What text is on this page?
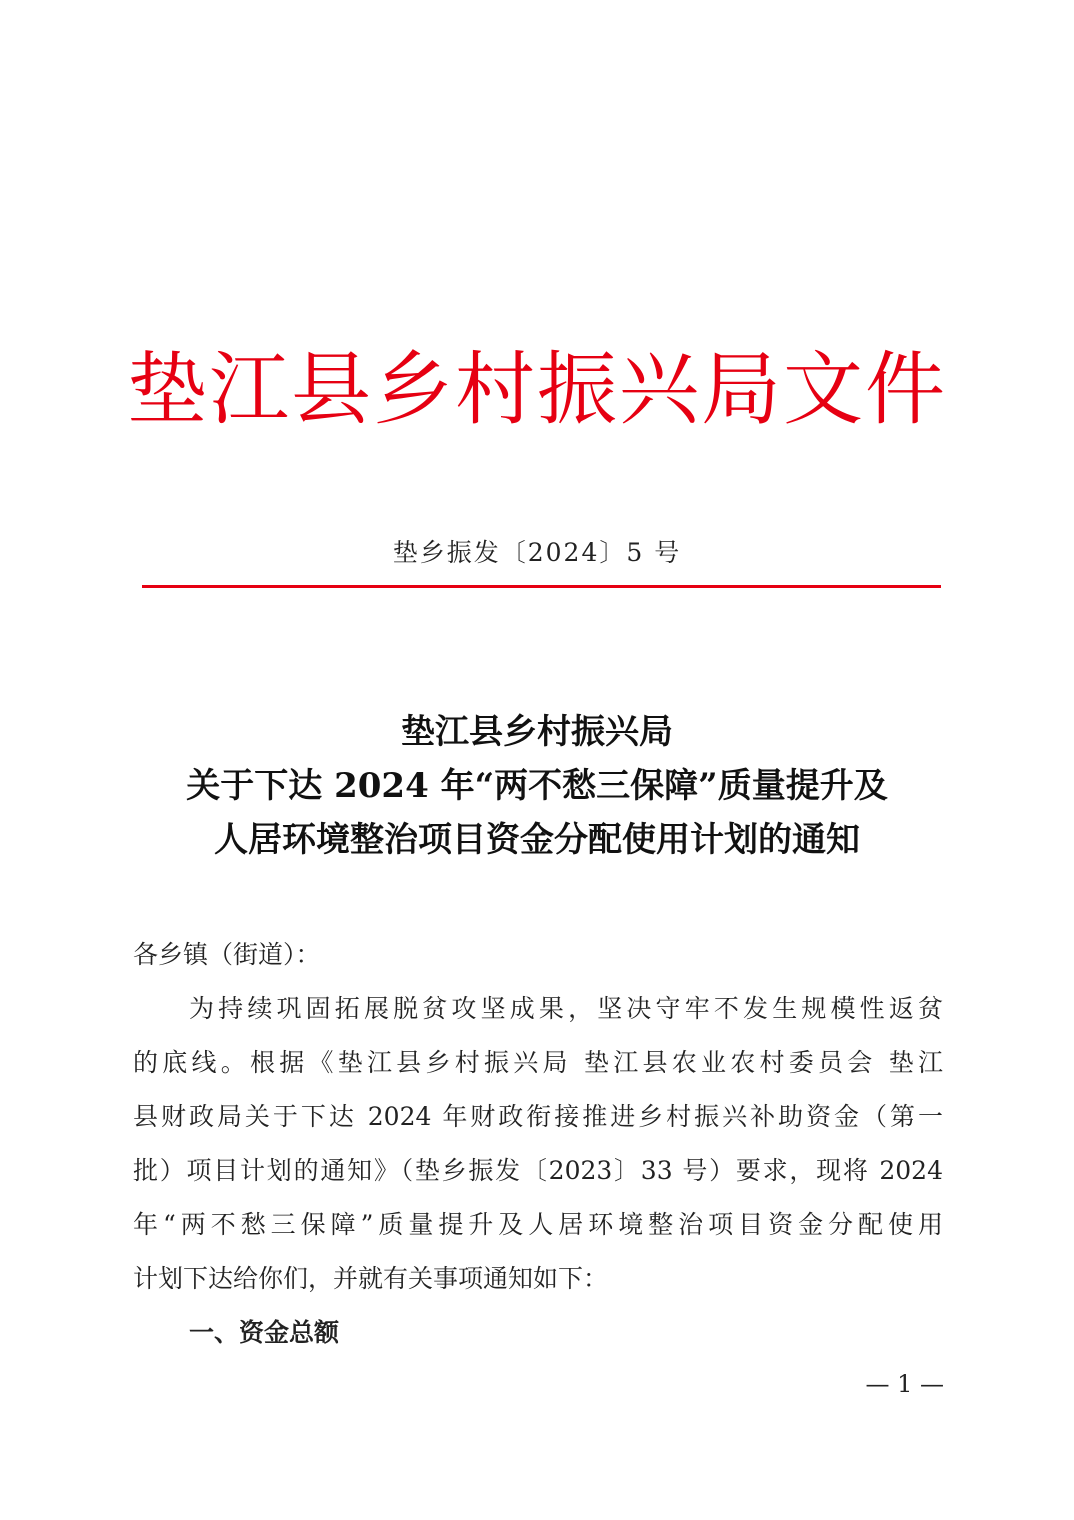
垫江县乡村振兴局文件
垫乡振发〔2024〕5 号
垫江县乡村振兴局
关于下达 2024 年“两不愁三保障”质量提升及
人居环境整治项目资金分配使用计划的通知
各乡镇（街道）：
为持续巩固拓展脱贫攻坚成果，坚决守牢不发生规模性返贫
的底线。根据《垫江县乡村振兴局 垫江县农业农村委员会 垫江
县财政局关于下达 2024 年财政衔接推进乡村振兴补助资金（第一
批）项目计划的通知》（垫乡振发〔2023〕33 号）要求，现将 2024
年“两不愁三保障”质量提升及人居环境整治项目资金分配使用
计划下达给你们，并就有关事项通知如下：
一、资金总额
— 1 —
